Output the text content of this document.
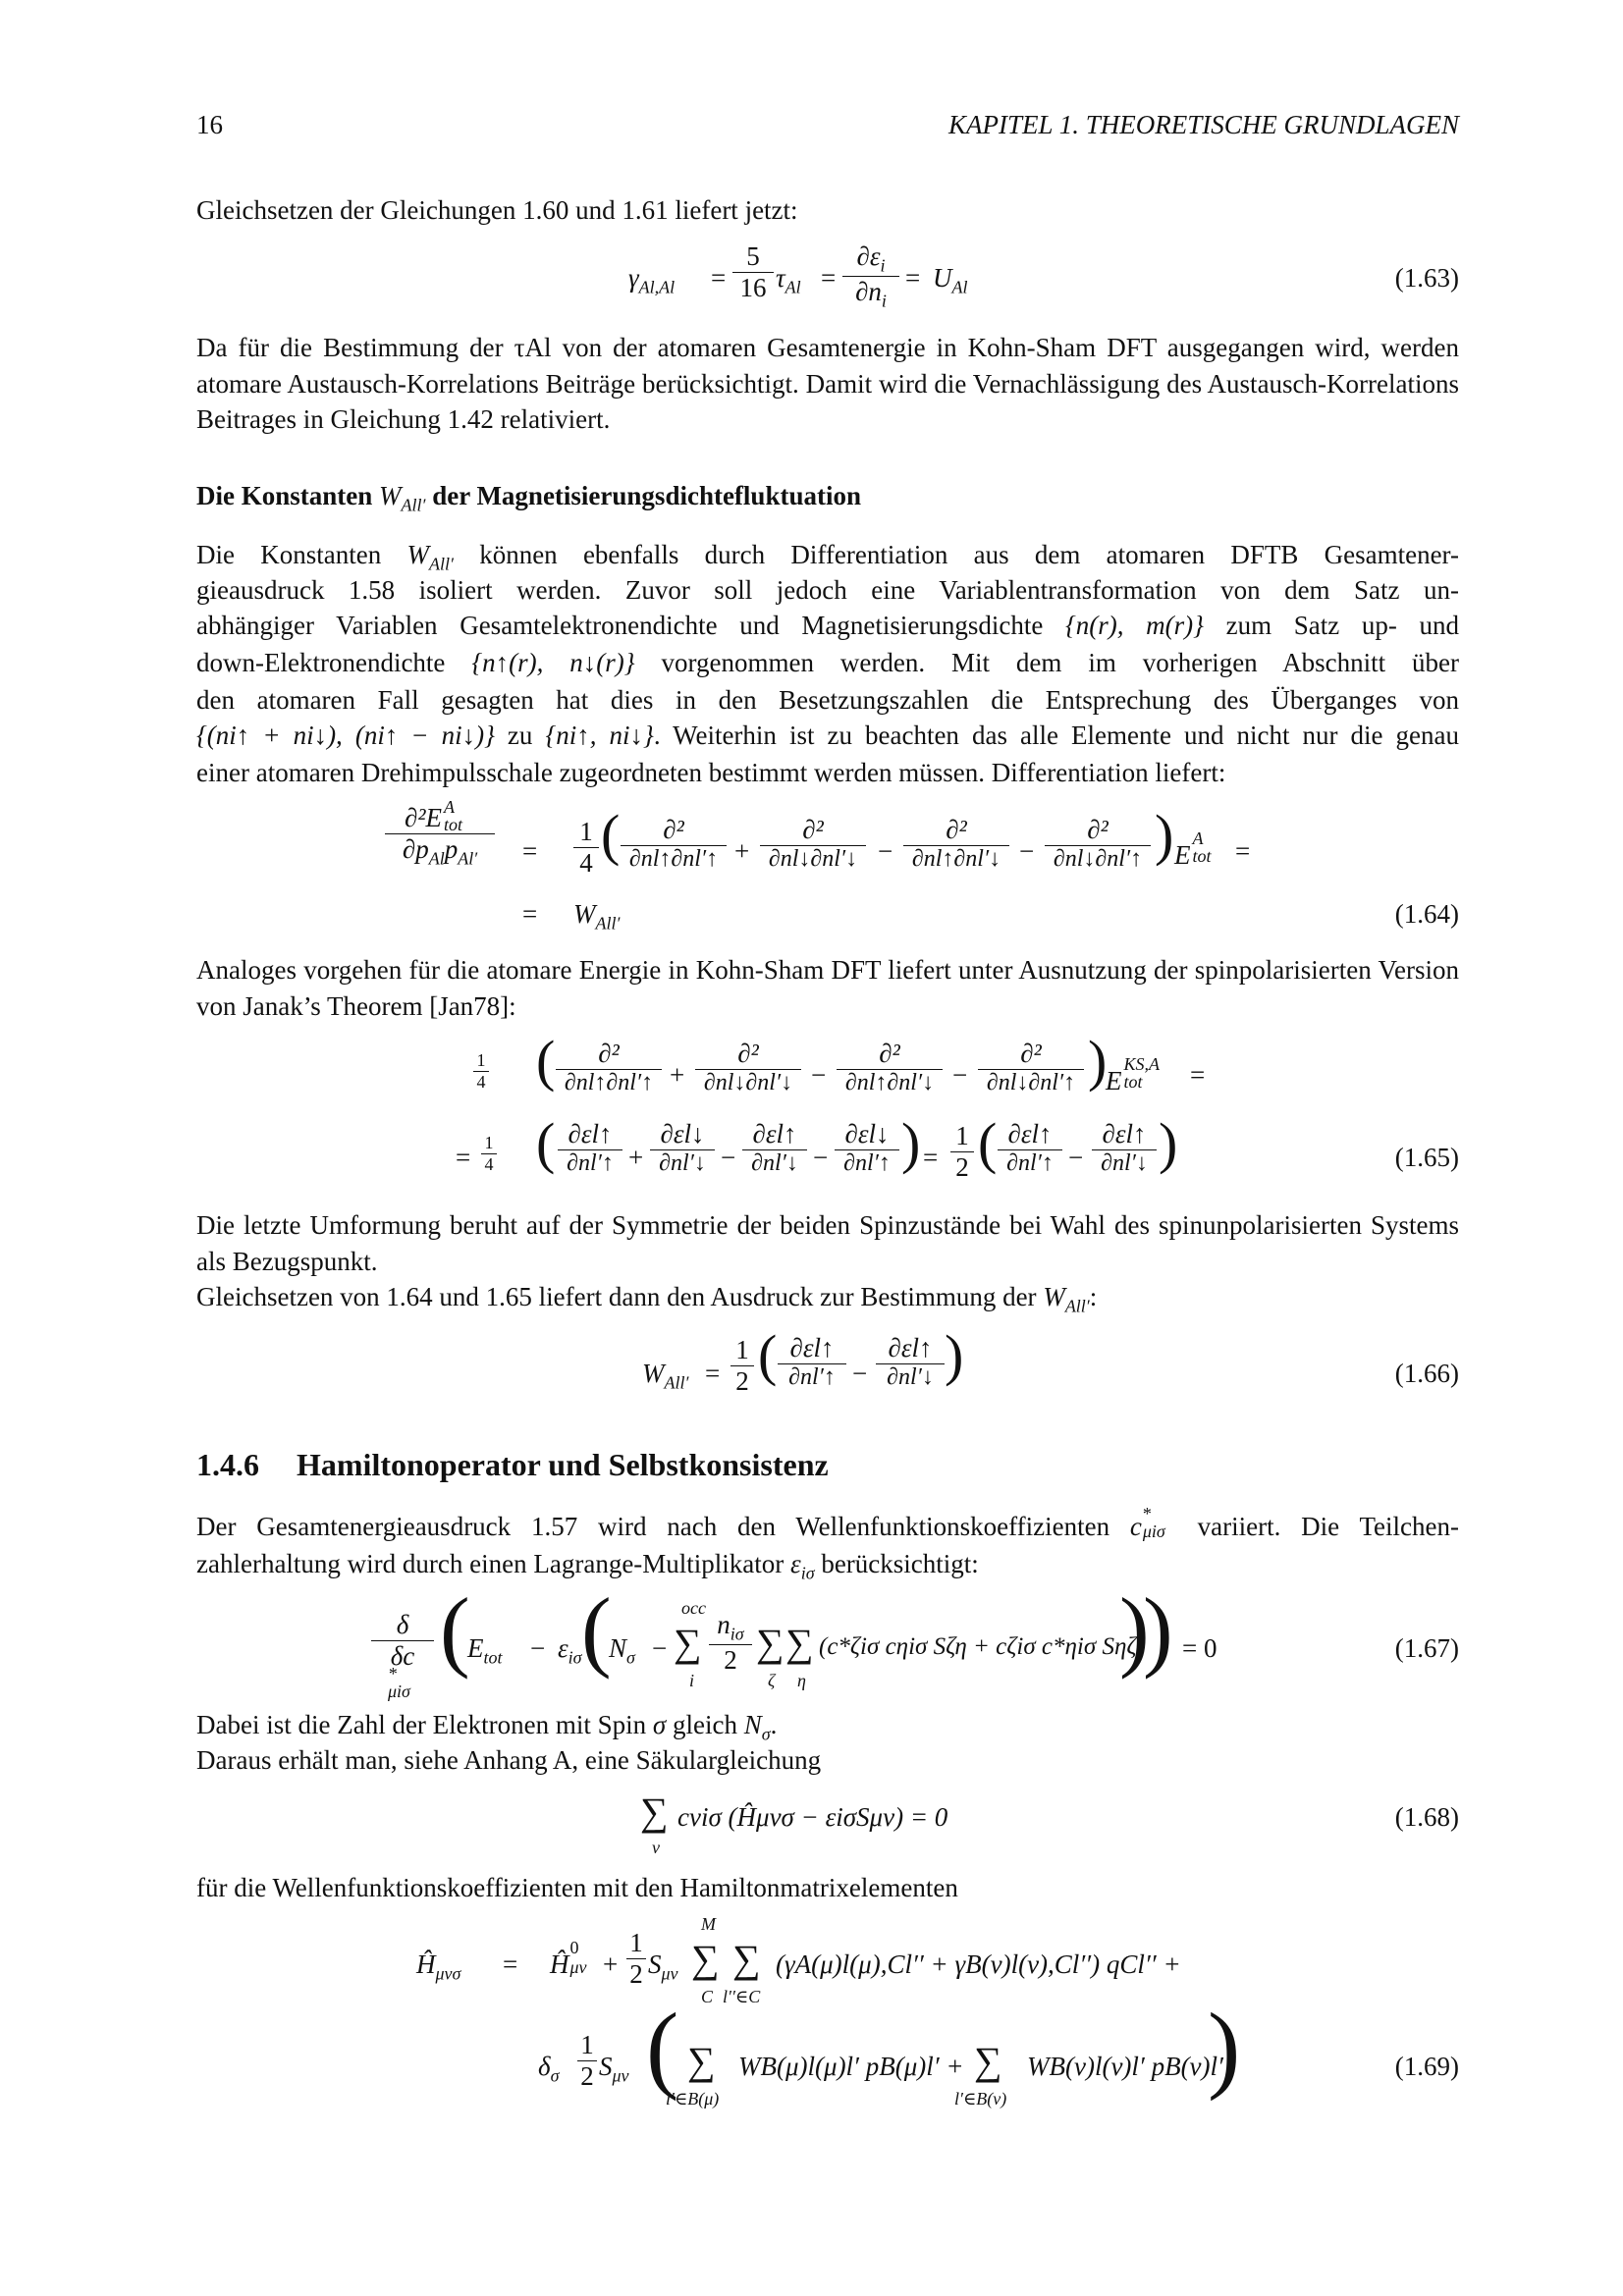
16	KAPITEL 1. THEORETISCHE GRUNDLAGEN
Gleichsetzen der Gleichungen 1.60 und 1.61 liefert jetzt:
$\gamma_{Al,Al}$ =
5
16 $\tau_{Al}$ =
$\partial\varepsilon_i$
$\partial n_i$
= $U_{Al}$	(1.63)
Da für die Bestimmung der τAl von der atomaren Gesamtenergie in Kohn-Sham DFT ausgegangen wird, werden atomare Austausch-Korrelations Beiträge berücksichtigt. Damit wird die Vernachlässigung des Austausch-Korrelations Beitrages in Gleichung 1.42 relativiert.
Die Konstanten $W_{All'}$ der Magnetisierungsdichtefluktuation
Die Konstanten $W_{All'}$ können ebenfalls durch Differentiation aus dem atomaren DFTB Gesamtener-
gieausdruck 1.58 isoliert werden. Zuvor soll jedoch eine Variablentransformation von dem Satz un-
abhängiger Variablen Gesamtelektronendichte und Magnetisierungsdichte {n(r), m(r)} zum Satz up- und
down-Elektronendichte {n↑(r), n↓(r)} vorgenommen werden. Mit dem im vorherigen Abschnitt über
den atomaren Fall gesagten hat dies in den Besetzungszahlen die Entsprechung des Überganges von
{(ni↑ + ni↓), (ni↑ − ni↓)} zu {ni↑, ni↓}. Weiterhin ist zu beachten das alle Elemente und nicht nur die genau
einer atomaren Drehimpulsschale zugeordneten bestimmt werden müssen. Differentiation liefert:
∂²E A
tot

$\partial p_{Al}p_{Al'}$	=
1
4 (	∂²
∂nl↑∂nl′↑ +
∂²
∂nl↓∂nl′↓ −
∂²
∂nl↑∂nl′↓ −
∂²
∂nl↓∂nl′↑ ) E
A
tot
=
= $W_{All'}$	(1.64)
Analoges vorgehen für die atomare Energie in Kohn-Sham DFT liefert unter Ausnutzung der spinpolarisierten Version von Janak’s Theorem [Jan78]:
1
4 (	∂²
∂nl↑∂nl′↑ +
∂²
∂nl↓∂nl′↓ −
∂²
∂nl↑∂nl′↓ −
∂²
∂nl↓∂nl′↑ )
E
KS,A
tot
=
= 1
4 ( ∂εl↑
∂nl′↑ +
∂εl↓
∂nl′↓ −
∂εl↑
∂nl′↓ −
∂εl↓
∂nl′↑ ) =
1
2 ( ∂εl↑
∂nl′↑ −
∂εl↑
∂nl′↓ )	(1.65)
Die letzte Umformung beruht auf der Symmetrie der beiden Spinzustände bei Wahl des spinunpolarisierten Systems als Bezugspunkt.
Gleichsetzen von 1.64 und 1.65 liefert dann den Ausdruck zur Bestimmung der $W_{All'}$:
$W_{All'}$ =
1
2 ( ∂εl↑
∂nl′↑ −
∂εl↑
∂nl′↓ )	(1.66)
1.4.6 Hamiltonoperator und Selbstkonsistenz
Der Gesamtenergieausdruck 1.57 wird nach den Wellenfunktionskoeffizienten c *
μiσ variiert. Die Teilchen-
zahlerhaltung wird durch einen Lagrange-Multiplikator $\varepsilon_{i\sigma}$ berücksichtigt:
δ
δc
*
μiσ

(
$E_{tot} - \varepsilon_{i\sigma}$ (
$N_\sigma$ −
occ
∑
i
$n_{i\sigma}$
2 ∑
ζ
∑
η
(c*ζiσ cηiσ Sζη + cζiσ c*ηiσ Sηζ)
)
) = 0	(1.67)
Dabei ist die Zahl der Elektronen mit Spin σ gleich $N_\sigma$.
Daraus erhält man, siehe Anhang A, eine Säkulargleichung
∑
ν
cνiσ (Ĥμνσ − εiσSμν) = 0	(1.68)
für die Wellenfunktionskoeffizienten mit den Hamiltonmatrixelementen
$Ĥ_{\mu\nu\sigma}$ = Ĥ
0
μν
+
1
2 $S_{\mu\nu}$
M
∑
C
∑
l′′∈C
(γA(μ)l(μ),Cl′′ + γB(ν)l(ν),Cl′′) qCl′′ +
$\delta_\sigma$
1
2 $S_{\mu\nu}$ ( ∑
l′∈B(μ)
WB(μ)l(μ)l′ pB(μ)l′ + ∑
l′∈B(ν)
WB(ν)l(ν)l′ pB(ν)l′
)	(1.69)
